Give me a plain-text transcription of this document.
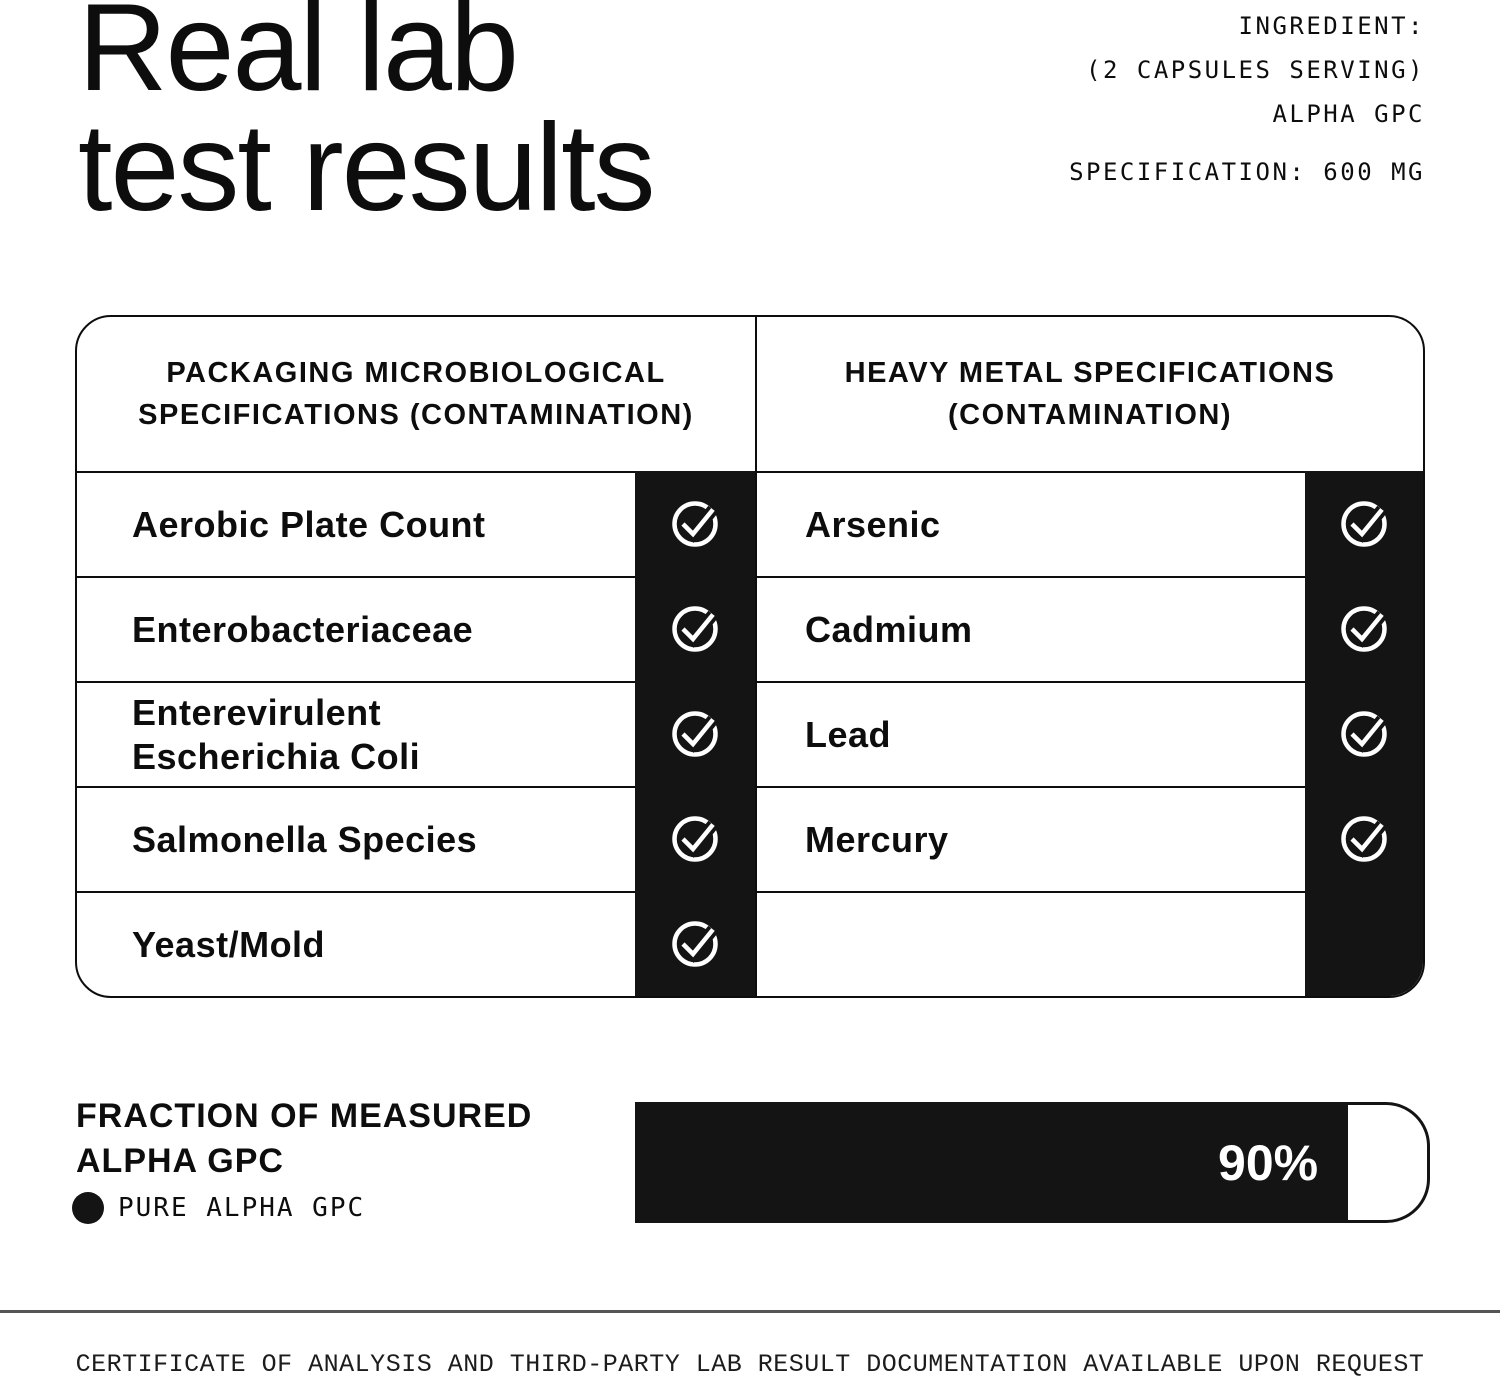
Real lab
test results
INGREDIENT:
(2 CAPSULES SERVING)
ALPHA GPC
SPECIFICATION: 600 MG
PACKAGING MICROBIOLOGICAL
SPECIFICATIONS (CONTAMINATION)
HEAVY METAL SPECIFICATIONS
(CONTAMINATION)
Aerobic Plate Count
Enterobacteriaceae
Enterevirulent
Escherichia Coli
Salmonella Species
Yeast/Mold
Arsenic
Cadmium
Lead
Mercury
FRACTION OF MEASURED
ALPHA GPC
PURE ALPHA GPC
90%
CERTIFICATE OF ANALYSIS AND THIRD-PARTY LAB RESULT DOCUMENTATION AVAILABLE UPON REQUEST
